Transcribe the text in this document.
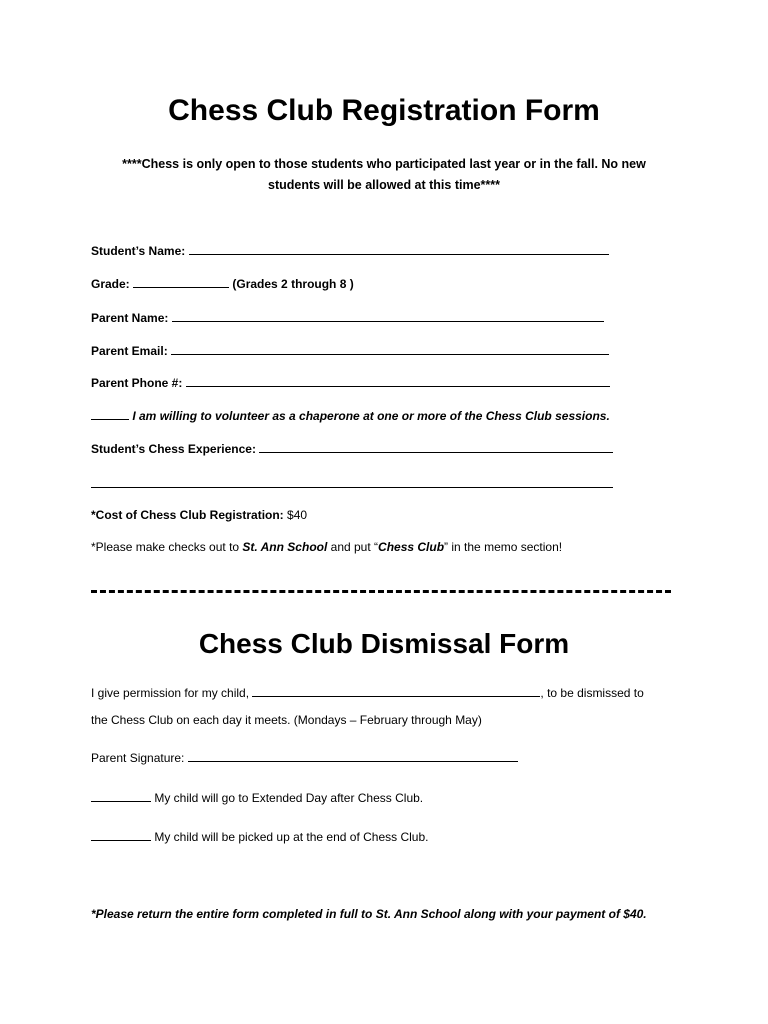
Chess Club Registration Form
****Chess is only open to those students who participated last year or in the fall. No new
students will be allowed at this time****
Student’s Name:
Grade:	(Grades 2 through 8 )
Parent Name:
Parent Email:
Parent Phone #:
I am willing to volunteer as a chaperone at one or more of the Chess Club sessions.
Student’s Chess Experience:
*Cost of Chess Club Registration: $40
*Please make checks out to St. Ann School and put “Chess Club” in the memo section!
Chess Club Dismissal Form
I give permission for my child,	, to be dismissed to
the Chess Club on each day it meets. (Mondays – February through May)
Parent Signature:
My child will go to Extended Day after Chess Club.
My child will be picked up at the end of Chess Club.
*Please return the entire form completed in full to St. Ann School along with your payment of $40.
